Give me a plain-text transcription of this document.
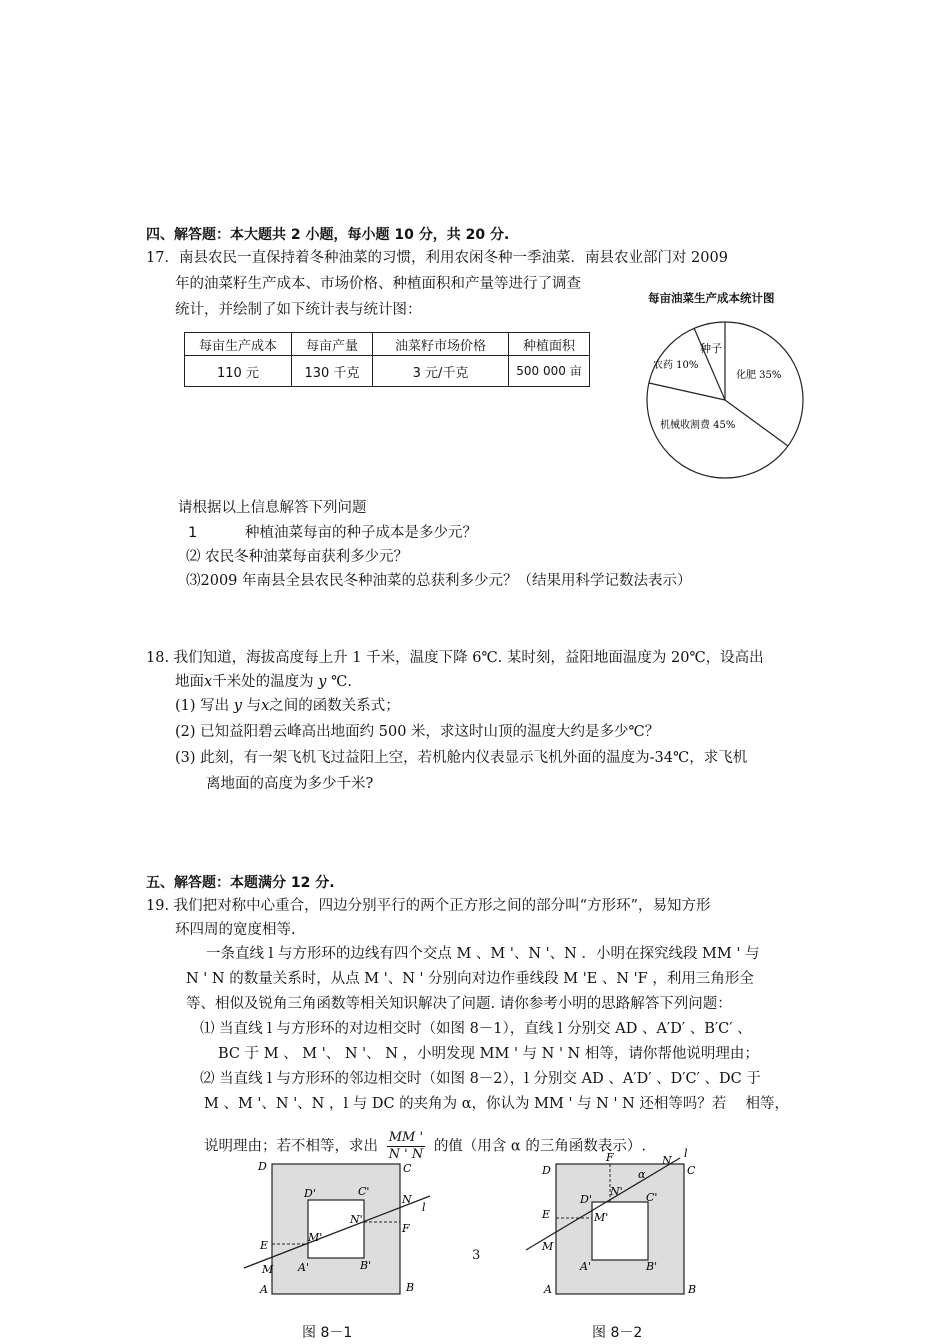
四、解答题：本大题共 2 小题，每小题 10 分，共 20 分.
17．南县农民一直保持着冬种油菜的习惯，利用农闲冬种一季油菜．南县农业部门对 2009
年的油菜籽生产成本、市场价格、种植面积和产量等进行了调查
统计，并绘制了如下统计表与统计图：
每亩生产成本	每亩产量	油菜籽市场价格	种植面积
110 元	130 千克	3 元/千克	500 000 亩
每亩油菜生产成本统计图
种子
农药 10%
化肥 35%
机械收割费 45%
请根据以上信息解答下列问题
1	种植油菜每亩的种子成本是多少元？
⑵ 农民冬种油菜每亩获利多少元？
⑶2009 年南县全县农民冬种油菜的总获利多少元？（结果用科学记数法表示）
18. 我们知道，海拔高度每上升 1 千米，温度下降 6℃. 某时刻，益阳地面温度为 20℃，设高出
地面x千米处的温度为 y ℃.
(1) 写出 y 与x之间的函数关系式；
(2) 已知益阳碧云峰高出地面约 500 米，求这时山顶的温度大约是多少℃？
(3) 此刻，有一架飞机飞过益阳上空，若机舱内仪表显示飞机外面的温度为-34℃，求飞机
离地面的高度为多少千米?
五、解答题：本题满分 12 分.
19. 我们把对称中心重合，四边分别平行的两个正方形之间的部分叫“方形环”，易知方形
环四周的宽度相等.
一条直线 l 与方形环的边线有四个交点 M 、M '、N '、N ．小明在探究线段 MM ' 与
N ' N 的数量关系时，从点 M '、N ' 分别向对边作垂线段 M 'E 、N 'F ，利用三角形全
等、相似及锐角三角函数等相关知识解决了问题. 请你参考小明的思路解答下列问题：
⑴ 当直线 l 与方形环的对边相交时（如图 8－1），直线 l 分别交 AD 、A′D′ 、B′C′ 、
BC 于 M 、 M '、 N '、 N ，小明发现 MM ' 与 N ' N 相等，请你帮他说明理由；
⑵ 当直线 l 与方形环的邻边相交时（如图 8－2），l 分别交 AD 、A′D′ 、D′C′ 、DC 于
M 、M '、N '、N ，l 与 DC 的夹角为 α，你认为 MM ' 与 N ' N 还相等吗？若　 相等，
说明理由；若不相等，求出 $\frac{MM '}{N ' N}$ 的值（用含 α 的三角函数表示）.
D	C
A	B
D'	C'
A'	B'
N
N'
M
M'
E
F
l
图 8－1
3
D	C
A	B
D'	C'
A'	B'
N
N'
M
M'
E
F	l
α
图 8－2
